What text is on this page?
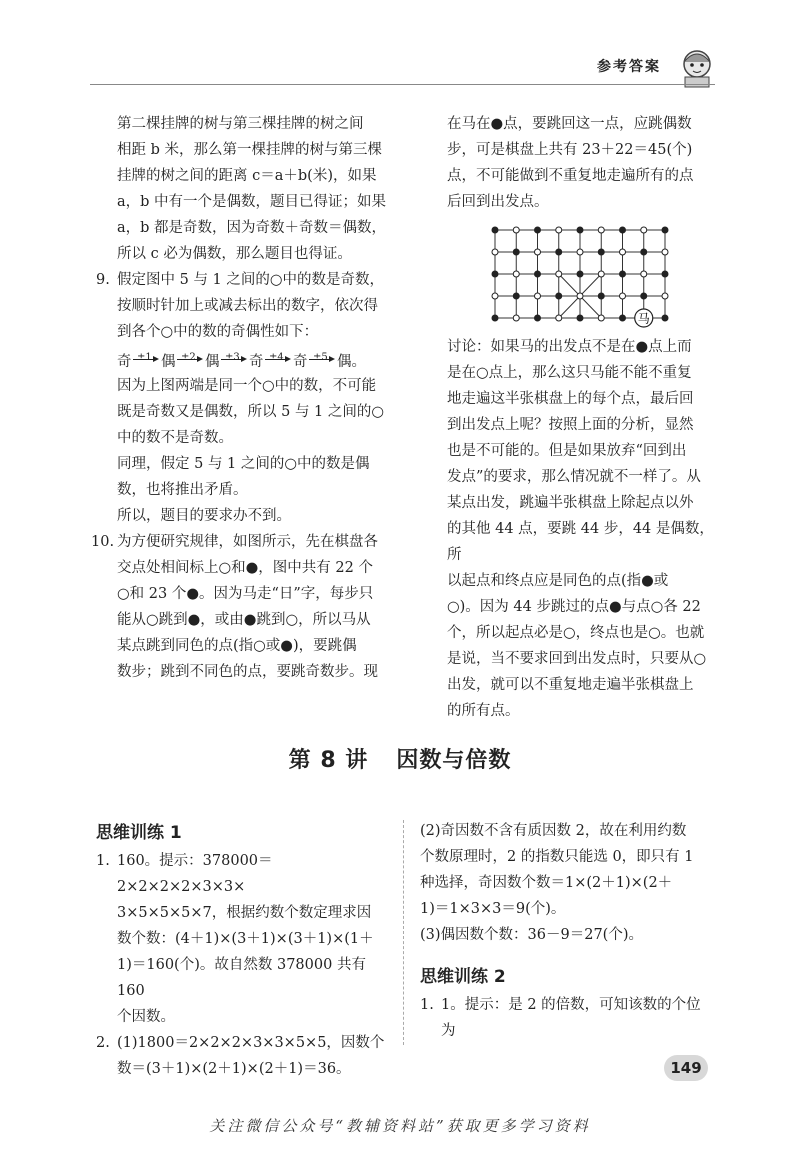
参考答案

第二棵挂牌的树与第三棵挂牌的树之间

相距 b 米，那么第一棵挂牌的树与第三棵

挂牌的树之间的距离 c＝a＋b(米)，如果

a，b 中有一个是偶数，题目已得证；如果

a，b 都是奇数，因为奇数＋奇数＝偶数，

所以 c 必为偶数，那么题目也得证。

9. 假定图中 5 与 1 之间的○中的数是奇数，

按顺时针加上或减去标出的数字，依次得

到各个○中的数的奇偶性如下：

奇 ±1 偶 ±2 偶 ±3 奇 ±4 奇 ±5 偶。

因为上图两端是同一个○中的数，不可能

既是奇数又是偶数，所以 5 与 1 之间的○

中的数不是奇数。

同理，假定 5 与 1 之间的○中的数是偶

数，也将推出矛盾。

所以，题目的要求办不到。

10. 为方便研究规律，如图所示，先在棋盘各

交点处相间标上○和●，图中共有 22 个

○和 23 个●。因为马走“日”字，每步只

能从○跳到●，或由●跳到○，所以马从

某点跳到同色的点(指○或●)，要跳偶

数步；跳到不同色的点，要跳奇数步。现

在马在●点，要跳回这一点，应跳偶数

步，可是棋盘上共有 23＋22＝45(个)

点，不可能做到不重复地走遍所有的点

后回到出发点。

马

讨论：如果马的出发点不是在●点上而

是在○点上，那么这只马能不能不重复

地走遍这半张棋盘上的每个点，最后回

到出发点上呢？按照上面的分析，显然

也是不可能的。但是如果放弃“回到出

发点”的要求，那么情况就不一样了。从

某点出发，跳遍半张棋盘上除起点以外

的其他 44 点，要跳 44 步，44 是偶数，所

以起点和终点应是同色的点(指●或

○)。因为 44 步跳过的点●与点○各 22

个，所以起点必是○，终点也是○。也就

是说，当不要求回到出发点时，只要从○

出发，就可以不重复地走遍半张棋盘上

的所有点。

第 8 讲 因数与倍数
思维训练 1

1. 160。提示：378000＝2×2×2×2×3×3×

3×5×5×5×7，根据约数个数定理求因

数个数：(4＋1)×(3＋1)×(3＋1)×(1＋

1)＝160(个)。故自然数 378000 共有 160

个因数。

2. (1)1800＝2×2×2×3×3×5×5，因数个

数＝(3＋1)×(2＋1)×(2＋1)＝36。

(2)奇因数不含有质因数 2，故在利用约数

个数原理时，2 的指数只能选 0，即只有 1

种选择，奇因数个数＝1×(2＋1)×(2＋

1)＝1×3×3＝9(个)。

(3)偶因数个数：36－9＝27(个)。

思维训练 2

1. 1。提示：是 2 的倍数，可知该数的个位为

149
关注微信公众号“教辅资料站”获取更多学习资料
